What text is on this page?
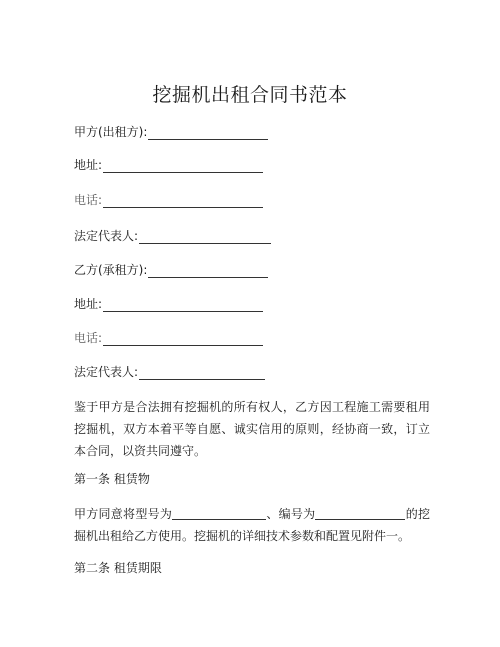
挖掘机出租合同书范本
甲方(出租方):
地址:
电话:
法定代表人:
乙方(承租方):
地址:
电话:
法定代表人:
鉴于甲方是合法拥有挖掘机的所有权人，乙方因工程施工需要租用挖掘机，双方本着平等自愿、诚实信用的原则，经协商一致，订立本合同，以资共同遵守。
第一条 租赁物
甲方同意将型号为	、编号为	的挖掘机出租给乙方使用。挖掘机的详细技术参数和配置见附件一。
第二条 租赁期限
